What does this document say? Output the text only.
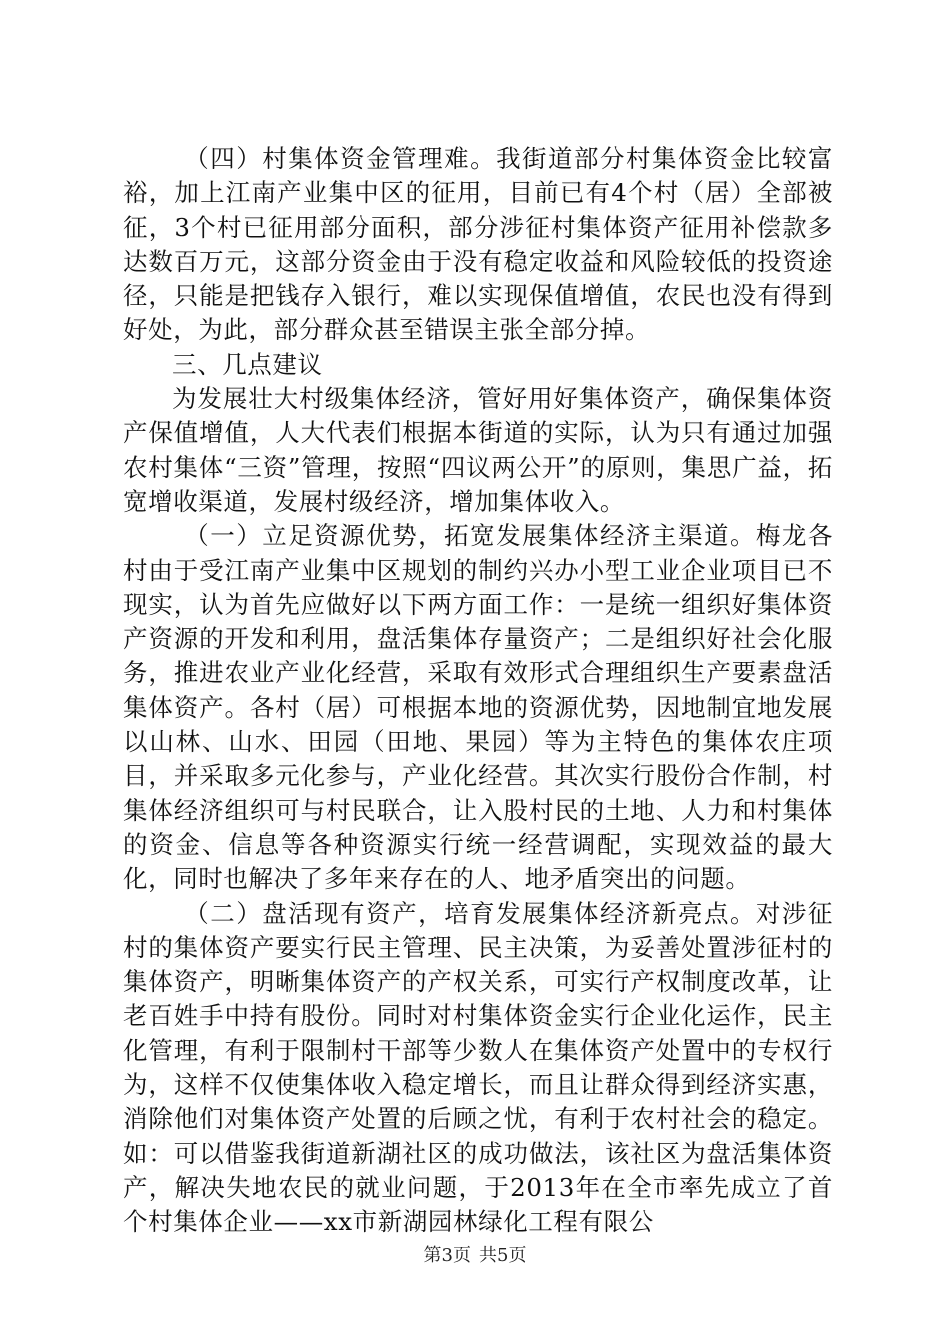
（四）村集体资金管理难。我街道部分村集体资金比较富裕，加上江南产业集中区的征用，目前已有4个村（居）全部被征，3个村已征用部分面积，部分涉征村集体资产征用补偿款多达数百万元，这部分资金由于没有稳定收益和风险较低的投资途径，只能是把钱存入银行，难以实现保值增值，农民也没有得到好处，为此，部分群众甚至错误主张全部分掉。

三、几点建议

为发展壮大村级集体经济，管好用好集体资产，确保集体资产保值增值，人大代表们根据本街道的实际，认为只有通过加强农村集体“三资”管理，按照“四议两公开”的原则，集思广益，拓宽增收渠道，发展村级经济，增加集体收入。

（一）立足资源优势，拓宽发展集体经济主渠道。梅龙各村由于受江南产业集中区规划的制约兴办小型工业企业项目已不现实，认为首先应做好以下两方面工作：一是统一组织好集体资产资源的开发和利用，盘活集体存量资产；二是组织好社会化服务，推进农业产业化经营，采取有效形式合理组织生产要素盘活集体资产。各村（居）可根据本地的资源优势，因地制宜地发展以山林、山水、田园（田地、果园）等为主特色的集体农庄项目，并采取多元化参与，产业化经营。其次实行股份合作制，村集体经济组织可与村民联合，让入股村民的土地、人力和村集体的资金、信息等各种资源实行统一经营调配，实现效益的最大化，同时也解决了多年来存在的人、地矛盾突出的问题。

（二）盘活现有资产，培育发展集体经济新亮点。对涉征村的集体资产要实行民主管理、民主决策，为妥善处置涉征村的集体资产，明晰集体资产的产权关系，可实行产权制度改革，让老百姓手中持有股份。同时对村集体资金实行企业化运作，民主化管理，有利于限制村干部等少数人在集体资产处置中的专权行为，这样不仅使集体收入稳定增长，而且让群众得到经济实惠，消除他们对集体资产处置的后顾之忧，有利于农村社会的稳定。如：可以借鉴我街道新湖社区的成功做法，该社区为盘活集体资产，解决失地农民的就业问题，于2013年在全市率先成立了首个村集体企业——xx市新湖园林绿化工程有限公

第3页 共5页
